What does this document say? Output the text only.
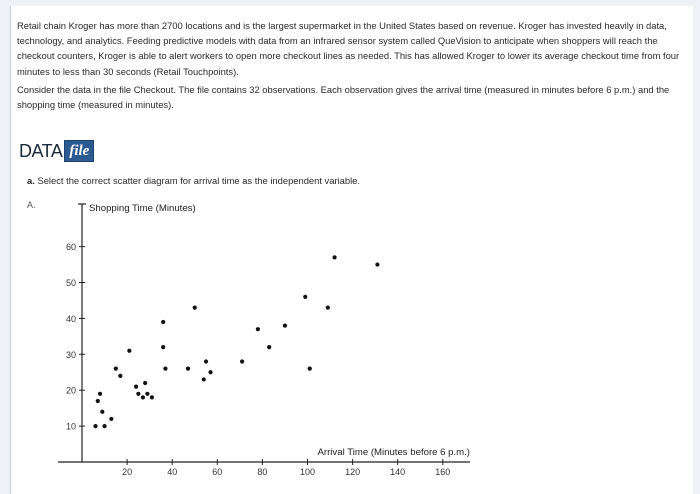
Retail chain Kroger has more than 2700 locations and is the largest supermarket in the United States based on revenue. Kroger has invested heavily in data, technology, and analytics. Feeding predictive models with data from an infrared sensor system called QueVision to anticipate when shoppers will reach the checkout counters, Kroger is able to alert workers to open more checkout lines as needed. This has allowed Kroger to lower its average checkout time from four minutes to less than 30 seconds (Retail Touchpoints).

Consider the data in the file Checkout. The file contains 32 observations. Each observation gives the arrival time (measured in minutes before 6 p.m.) and the shopping time (measured in minutes).

DATA file
a. Select the correct scatter diagram for arrival time as the independent variable.
A.
10
20
30
40
50
60
20	40	60	80	100	120	140	160
Shopping Time (Minutes)
Arrival Time (Minutes before 6 p.m.)
